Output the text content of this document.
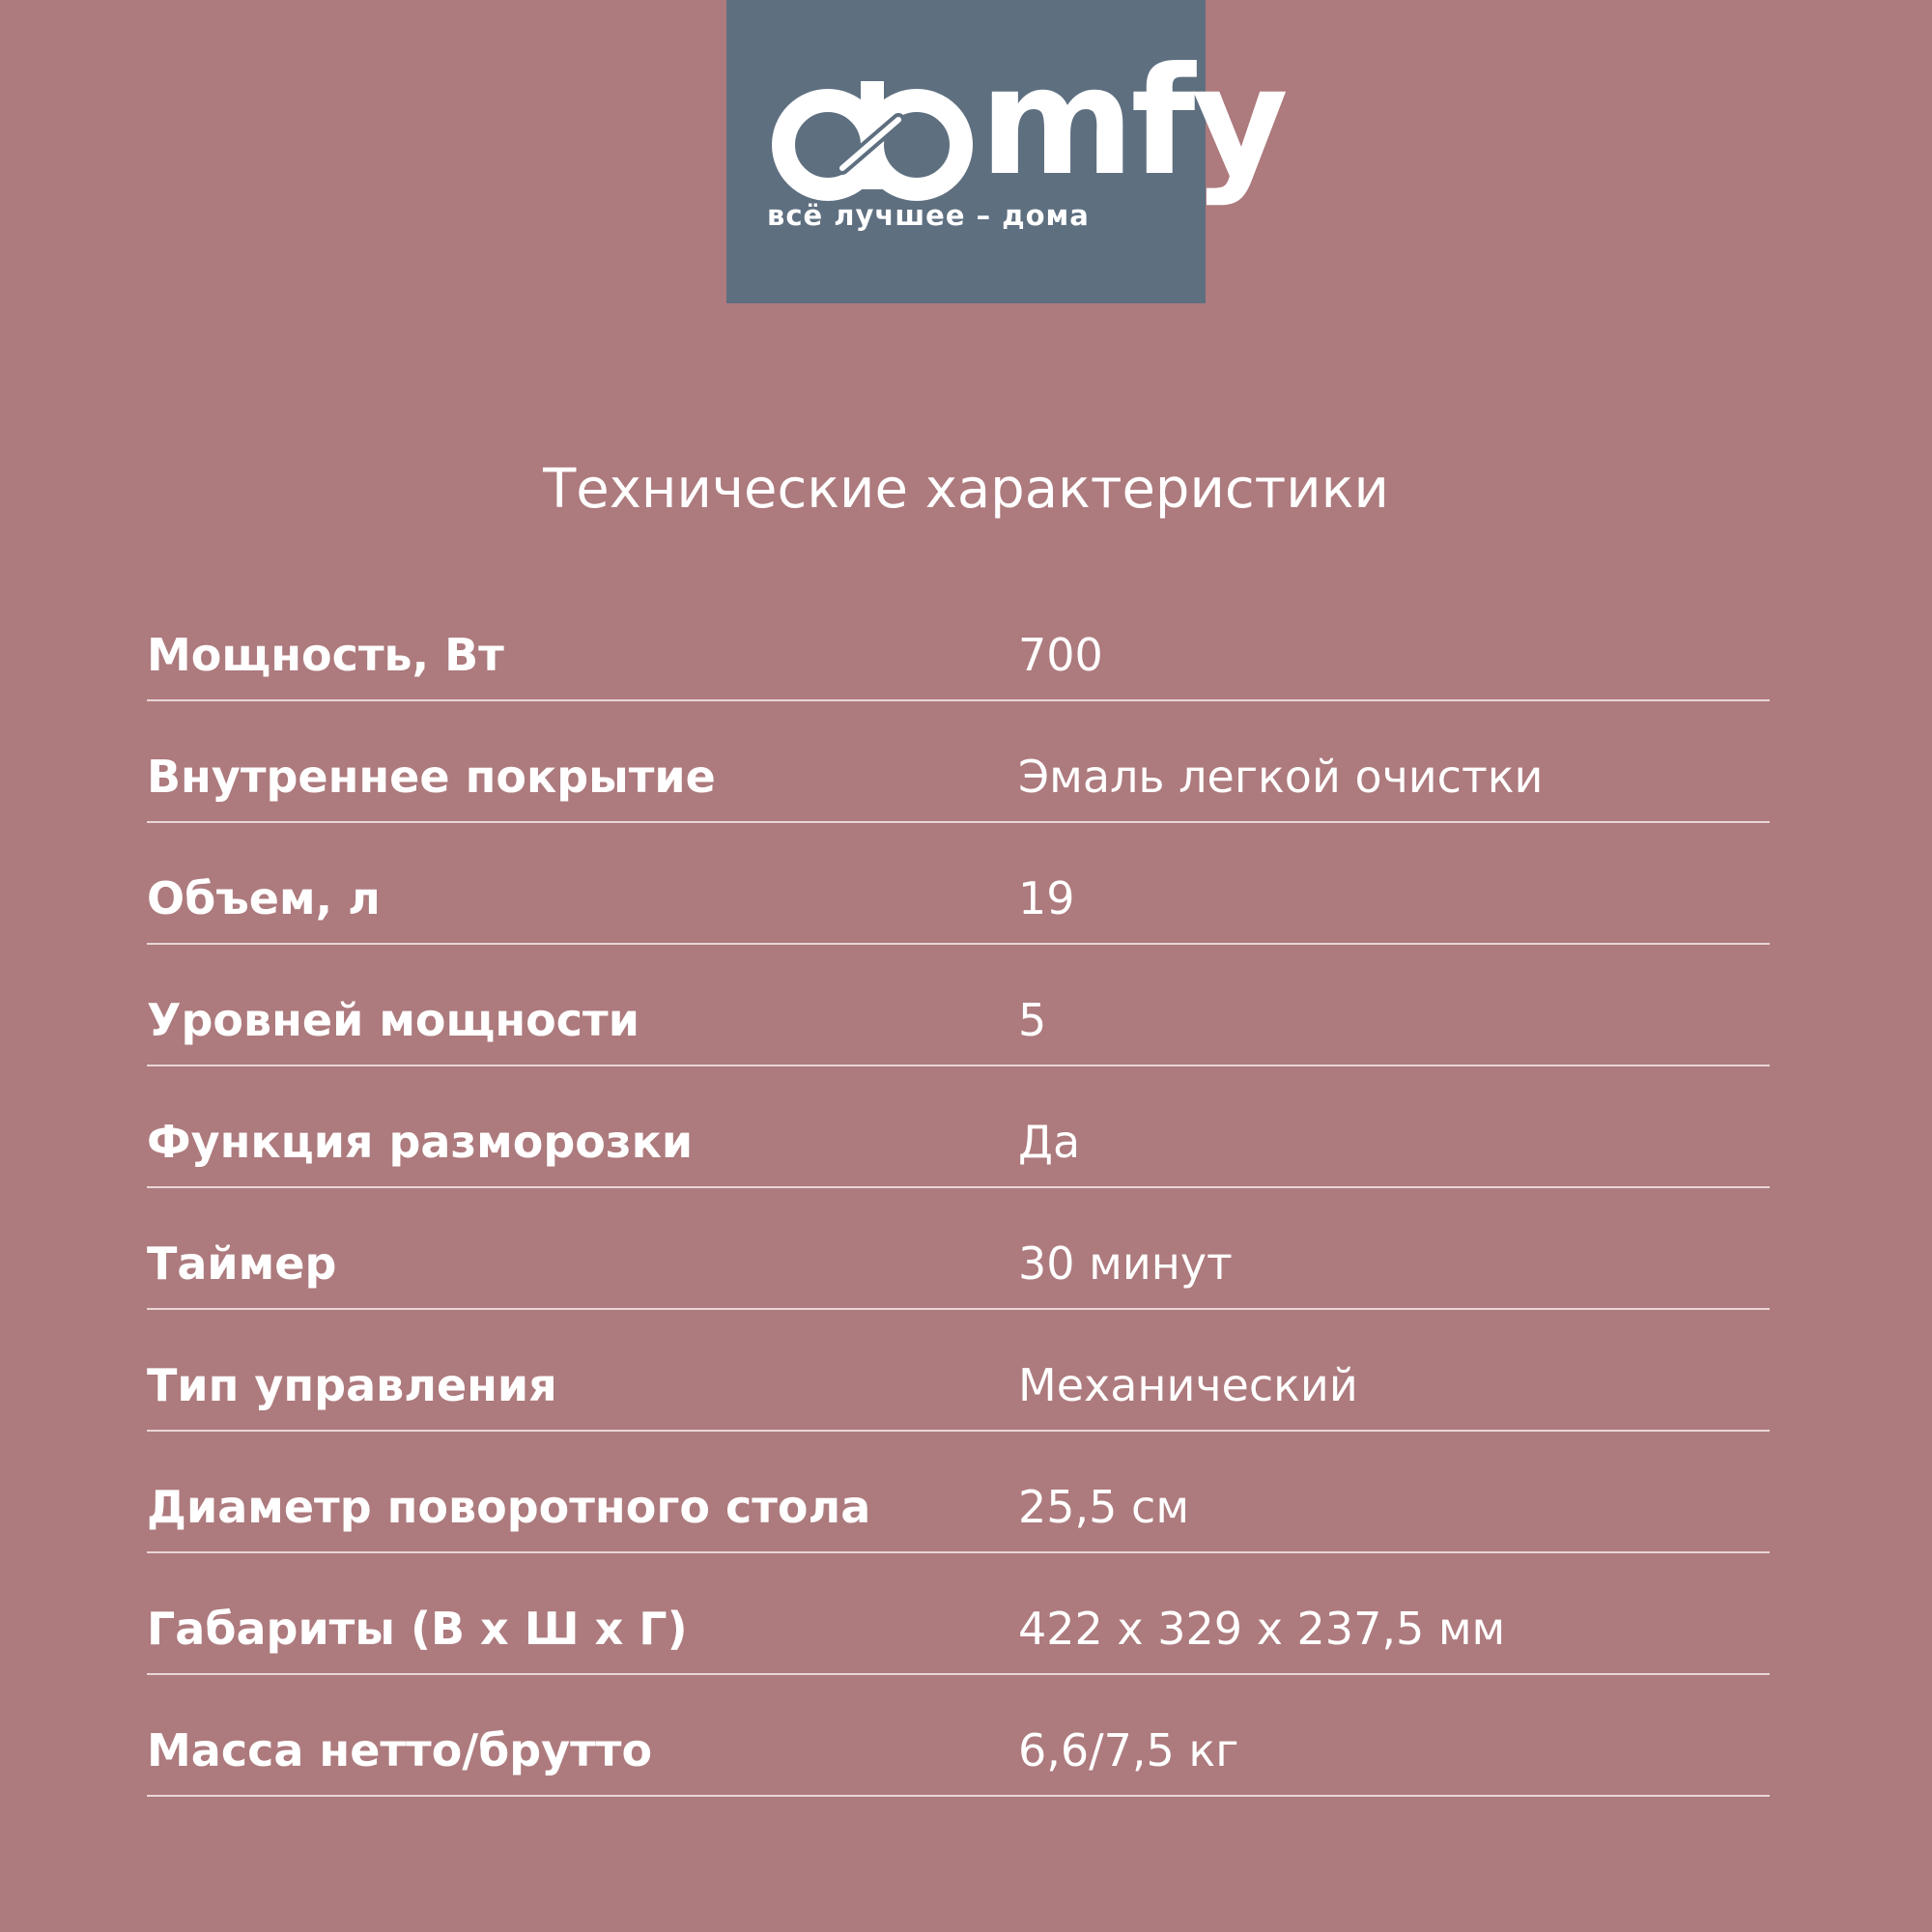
mfy
всё лучшее – дома
Технические характеристики
Мощность, Вт	700
Внутреннее покрытие	Эмаль легкой очистки
Объем, л	19
Уровней мощности	5
Функция разморозки	Да
Таймер	30 минут
Тип управления	Механический
Диаметр поворотного стола	25,5 см
Габариты (В х Ш х Г)	422 х 329 х 237,5 мм
Масса нетто/брутто	6,6/7,5 кг
